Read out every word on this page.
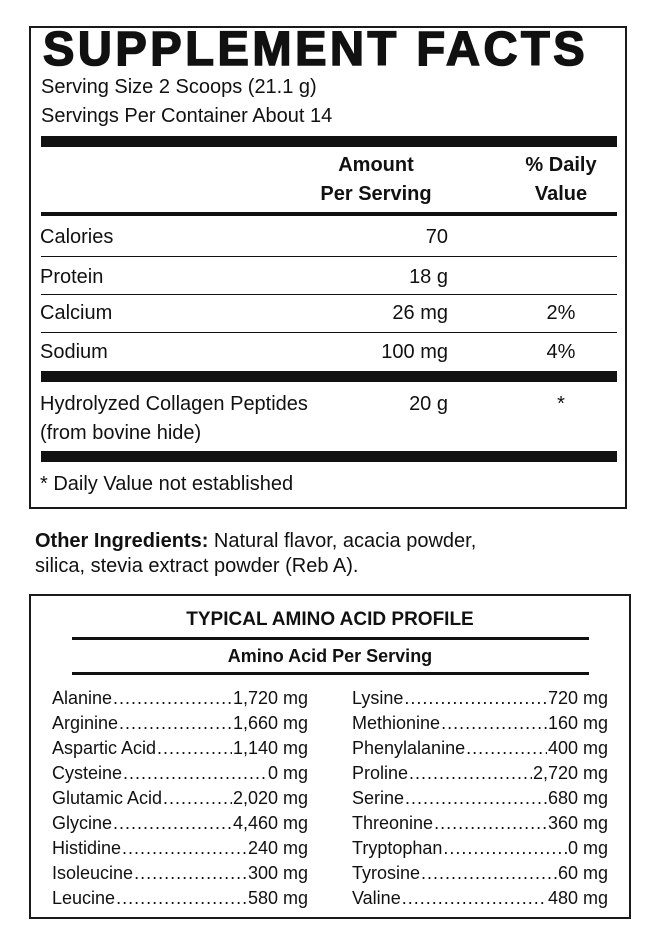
SUPPLEMENT FACTS
Serving Size 2 Scoops (21.1 g)
Servings Per Container About 14
Amount
Per Serving
% Daily
Value
Calories	70
Protein	18 g
Calcium	26 mg	2%
Sodium	100 mg	4%
Hydrolyzed Collagen Peptides
(from bovine hide)
20 g	*
* Daily Value not established
Other Ingredients: Natural flavor, acacia powder,
silica, stevia extract powder (Reb A).
TYPICAL AMINO ACID PROFILE
Amino Acid Per Serving
Alanine .....	1,720 mg
Arginine .....	1,660 mg
Aspartic Acid .....	1,140 mg
Cysteine .....	0 mg
Glutamic Acid .....	2,020 mg
Glycine .....	4,460 mg
Histidine .....	240 mg
Isoleucine .....	300 mg
Leucine .....	580 mg
Lysine .....	720 mg
Methionine .....	160 mg
Phenylalanine .....	400 mg
Proline .....	2,720 mg
Serine .....	680 mg
Threonine .....	360 mg
Tryptophan .....	0 mg
Tyrosine .....	60 mg
Valine .....	480 mg
